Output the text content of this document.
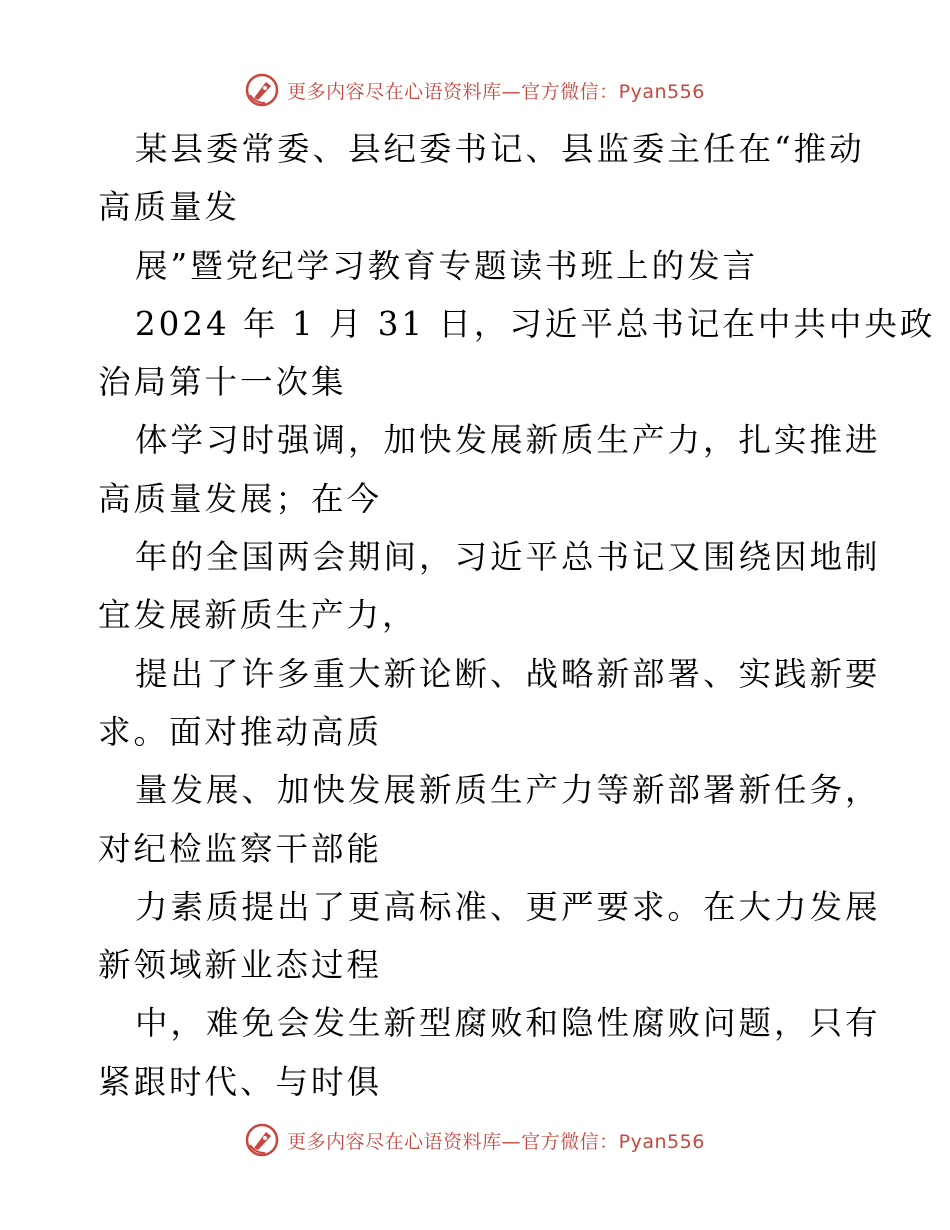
更多内容尽在心语资料库—官方微信：Pyan556
某县委常委、县纪委书记、县监委主任在“推动
高质量发
展”暨党纪学习教育专题读书班上的发言
2024 年 1 月 31 日，习近平总书记在中共中央政
治局第十一次集
体学习时强调，加快发展新质生产力，扎实推进
高质量发展；在今
年的全国两会期间，习近平总书记又围绕因地制
宜发展新质生产力，
提出了许多重大新论断、战略新部署、实践新要
求。面对推动高质
量发展、加快发展新质生产力等新部署新任务，
对纪检监察干部能
力素质提出了更高标准、更严要求。在大力发展
新领域新业态过程
中，难免会发生新型腐败和隐性腐败问题，只有
紧跟时代、与时俱
更多内容尽在心语资料库—官方微信：Pyan556
